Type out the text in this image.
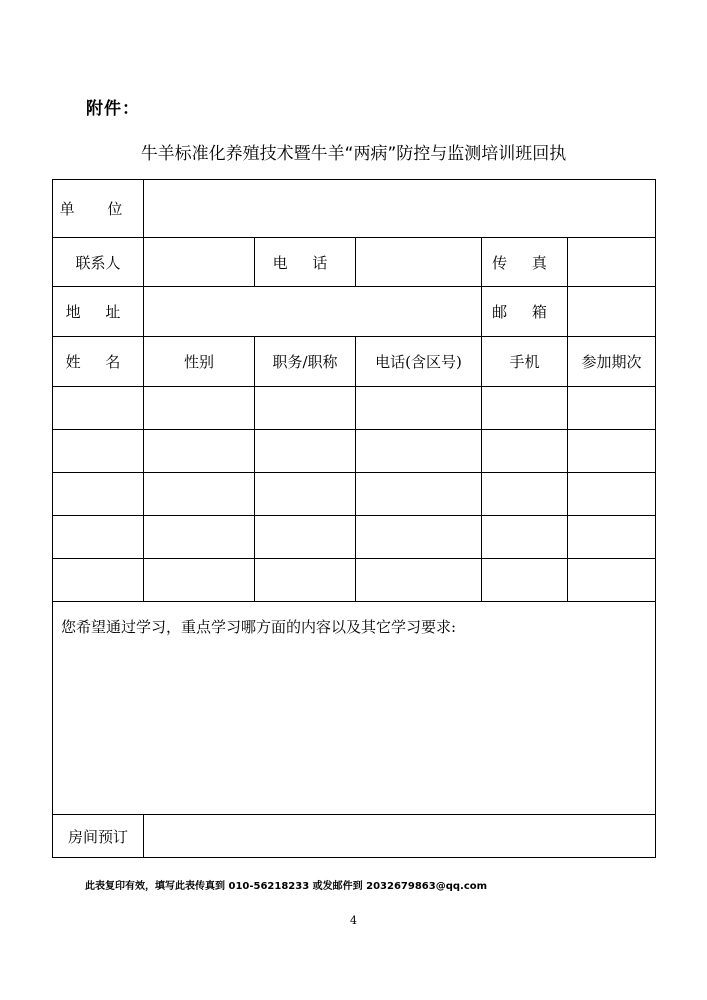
附件：
牛羊标准化养殖技术暨牛羊“两病”防控与监测培训班回执
单 位					
联系人		电 话		传 真	
地 址				邮 箱	
姓 名	性别	职务/职称	电话(含区号)	手机	参加期次

您希望通过学习，重点学习哪方面的内容以及其它学习要求:					
房间预订					
此表复印有效，填写此表传真到 010-56218233 或发邮件到 2032679863@qq.com
4
